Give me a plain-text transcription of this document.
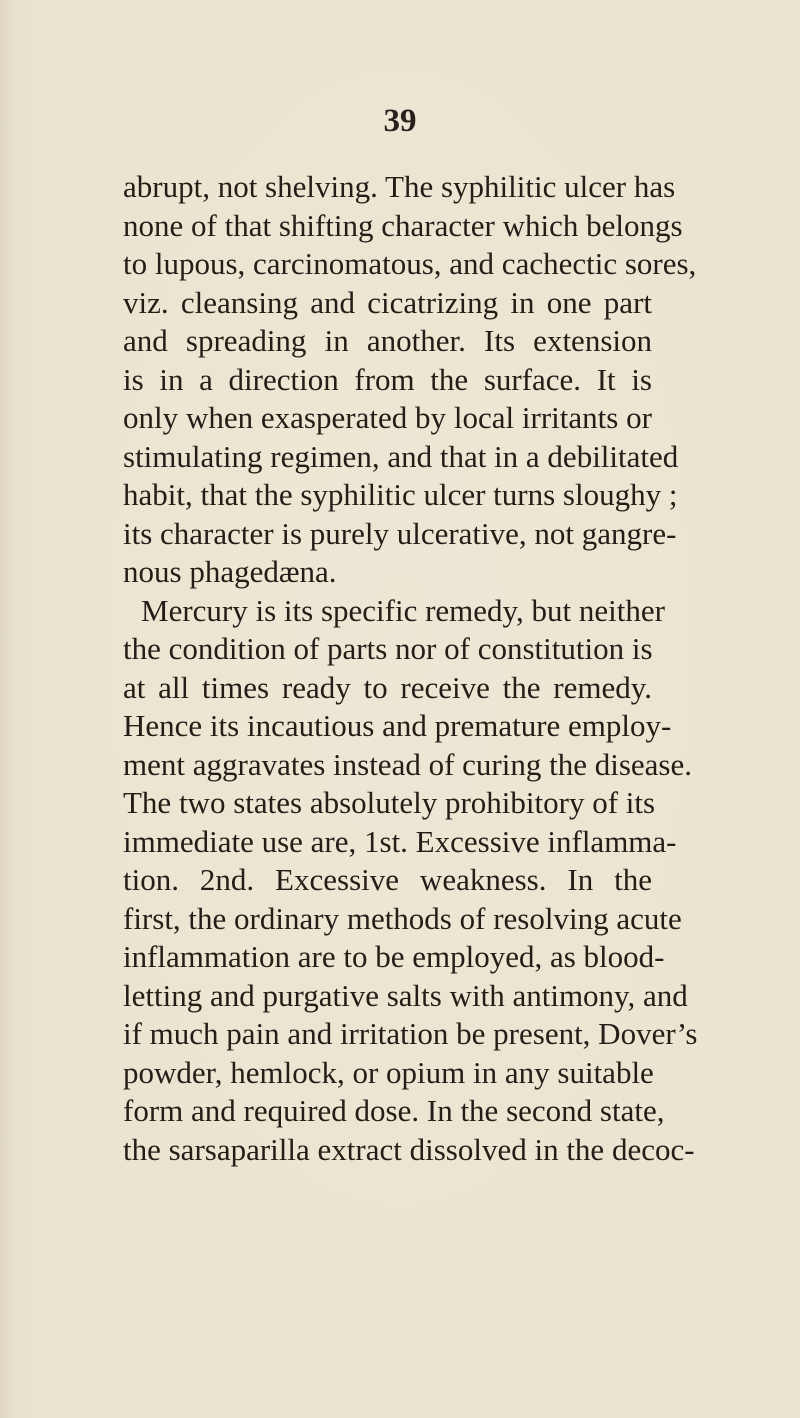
39
abrupt, not shelving. The syphilitic ulcer has
none of that shifting character which belongs
to lupous, carcinomatous, and cachectic sores,
viz. cleansing and cicatrizing in one part
and spreading in another. Its extension
is in a direction from the surface. It is
only when exasperated by local irritants or
stimulating regimen, and that in a debilitated
habit, that the syphilitic ulcer turns sloughy ;
its character is purely ulcerative, not gangre-
nous phagedæna.
Mercury is its specific remedy, but neither
the condition of parts nor of constitution is
at all times ready to receive the remedy.
Hence its incautious and premature employ-
ment aggravates instead of curing the disease.
The two states absolutely prohibitory of its
immediate use are, 1st. Excessive inflamma-
tion. 2nd. Excessive weakness. In the
first, the ordinary methods of resolving acute
inflammation are to be employed, as blood-
letting and purgative salts with antimony, and
if much pain and irritation be present, Dover’s
powder, hemlock, or opium in any suitable
form and required dose. In the second state,
the sarsaparilla extract dissolved in the decoc-
